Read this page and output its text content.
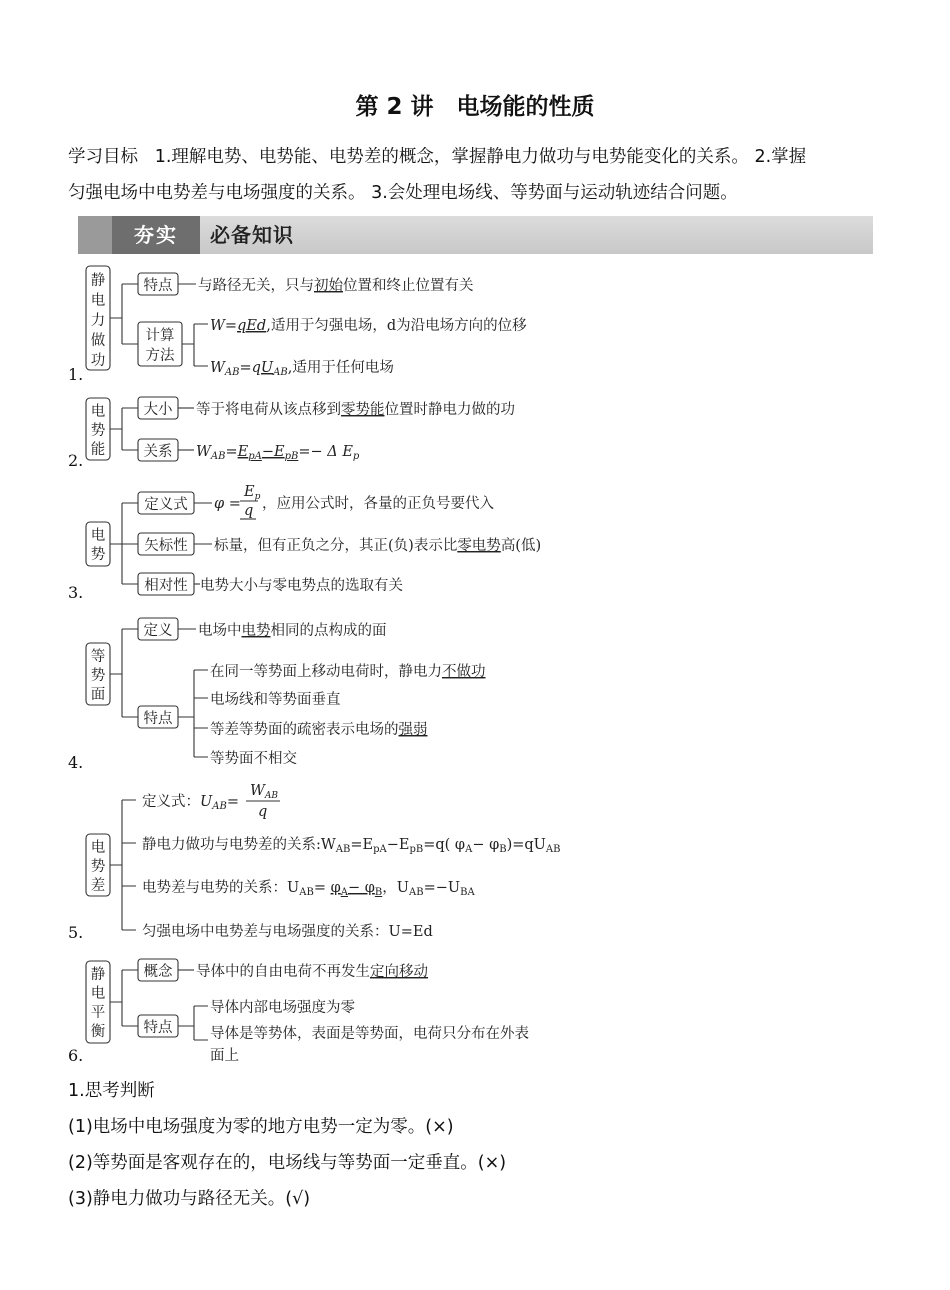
第 2 讲　电场能的性质
学习目标 1.理解电势、电势能、电势差的概念，掌握静电力做功与电势能变化的关系。 2.掌握
匀强电场中电势差与电场强度的关系。 3.会处理电场线、等势面与运动轨迹结合问题。
夯实	必备知识
1.
静
电
力
做
功
特点 与路径无关，只与初始位置和终止位置有关
计算
方法
W=qEd,适用于匀强电场，d为沿电场方向的位移
$W_{AB}=qU_{AB}$,适用于任何电场
2.
电
势
能
大小 等于将电荷从该点移到零势能位置时静电力做的功
关系 $W_{AB}=E_{pA}-E_{pB}=- \Delta$ $E_p$
3.
电
势
定义式 φ =
$E_p$
q ，应用公式时，各量的正负号要代入
矢标性 标量，但有正负之分，其正(负)表示比零电势高(低)
相对性 电势大小与零电势点的选取有关
4.
等
势
面
定义 电场中电势相同的点构成的面
特点
在同一等势面上移动电荷时，静电力不做功
电场线和等势面垂直
等差等势面的疏密表示电场的强弱
等势面不相交
5.
电
势
差
定义式：$U_{AB}=$
$W_{AB}$
q
静电力做功与电势差的关系$:W_{AB}=E_{pA}-E_{pB}=q$( $\varphi_A- \varphi_B)=qU_{AB}$
电势差与电势的关系：$U_{AB}= \varphi_A- \varphi_B$，$U_{AB}=-U_{BA}$
匀强电场中电势差与电场强度的关系：U=Ed
6.
静
电
平
衡
概念 导体中的自由电荷不再发生定向移动
特点
导体内部电场强度为零
导体是等势体，表面是等势面，电荷只分布在外表
面上
1.思考判断
(1)电场中电场强度为零的地方电势一定为零。(×)
(2)等势面是客观存在的，电场线与等势面一定垂直。(×)
(3)静电力做功与路径无关。(√)
